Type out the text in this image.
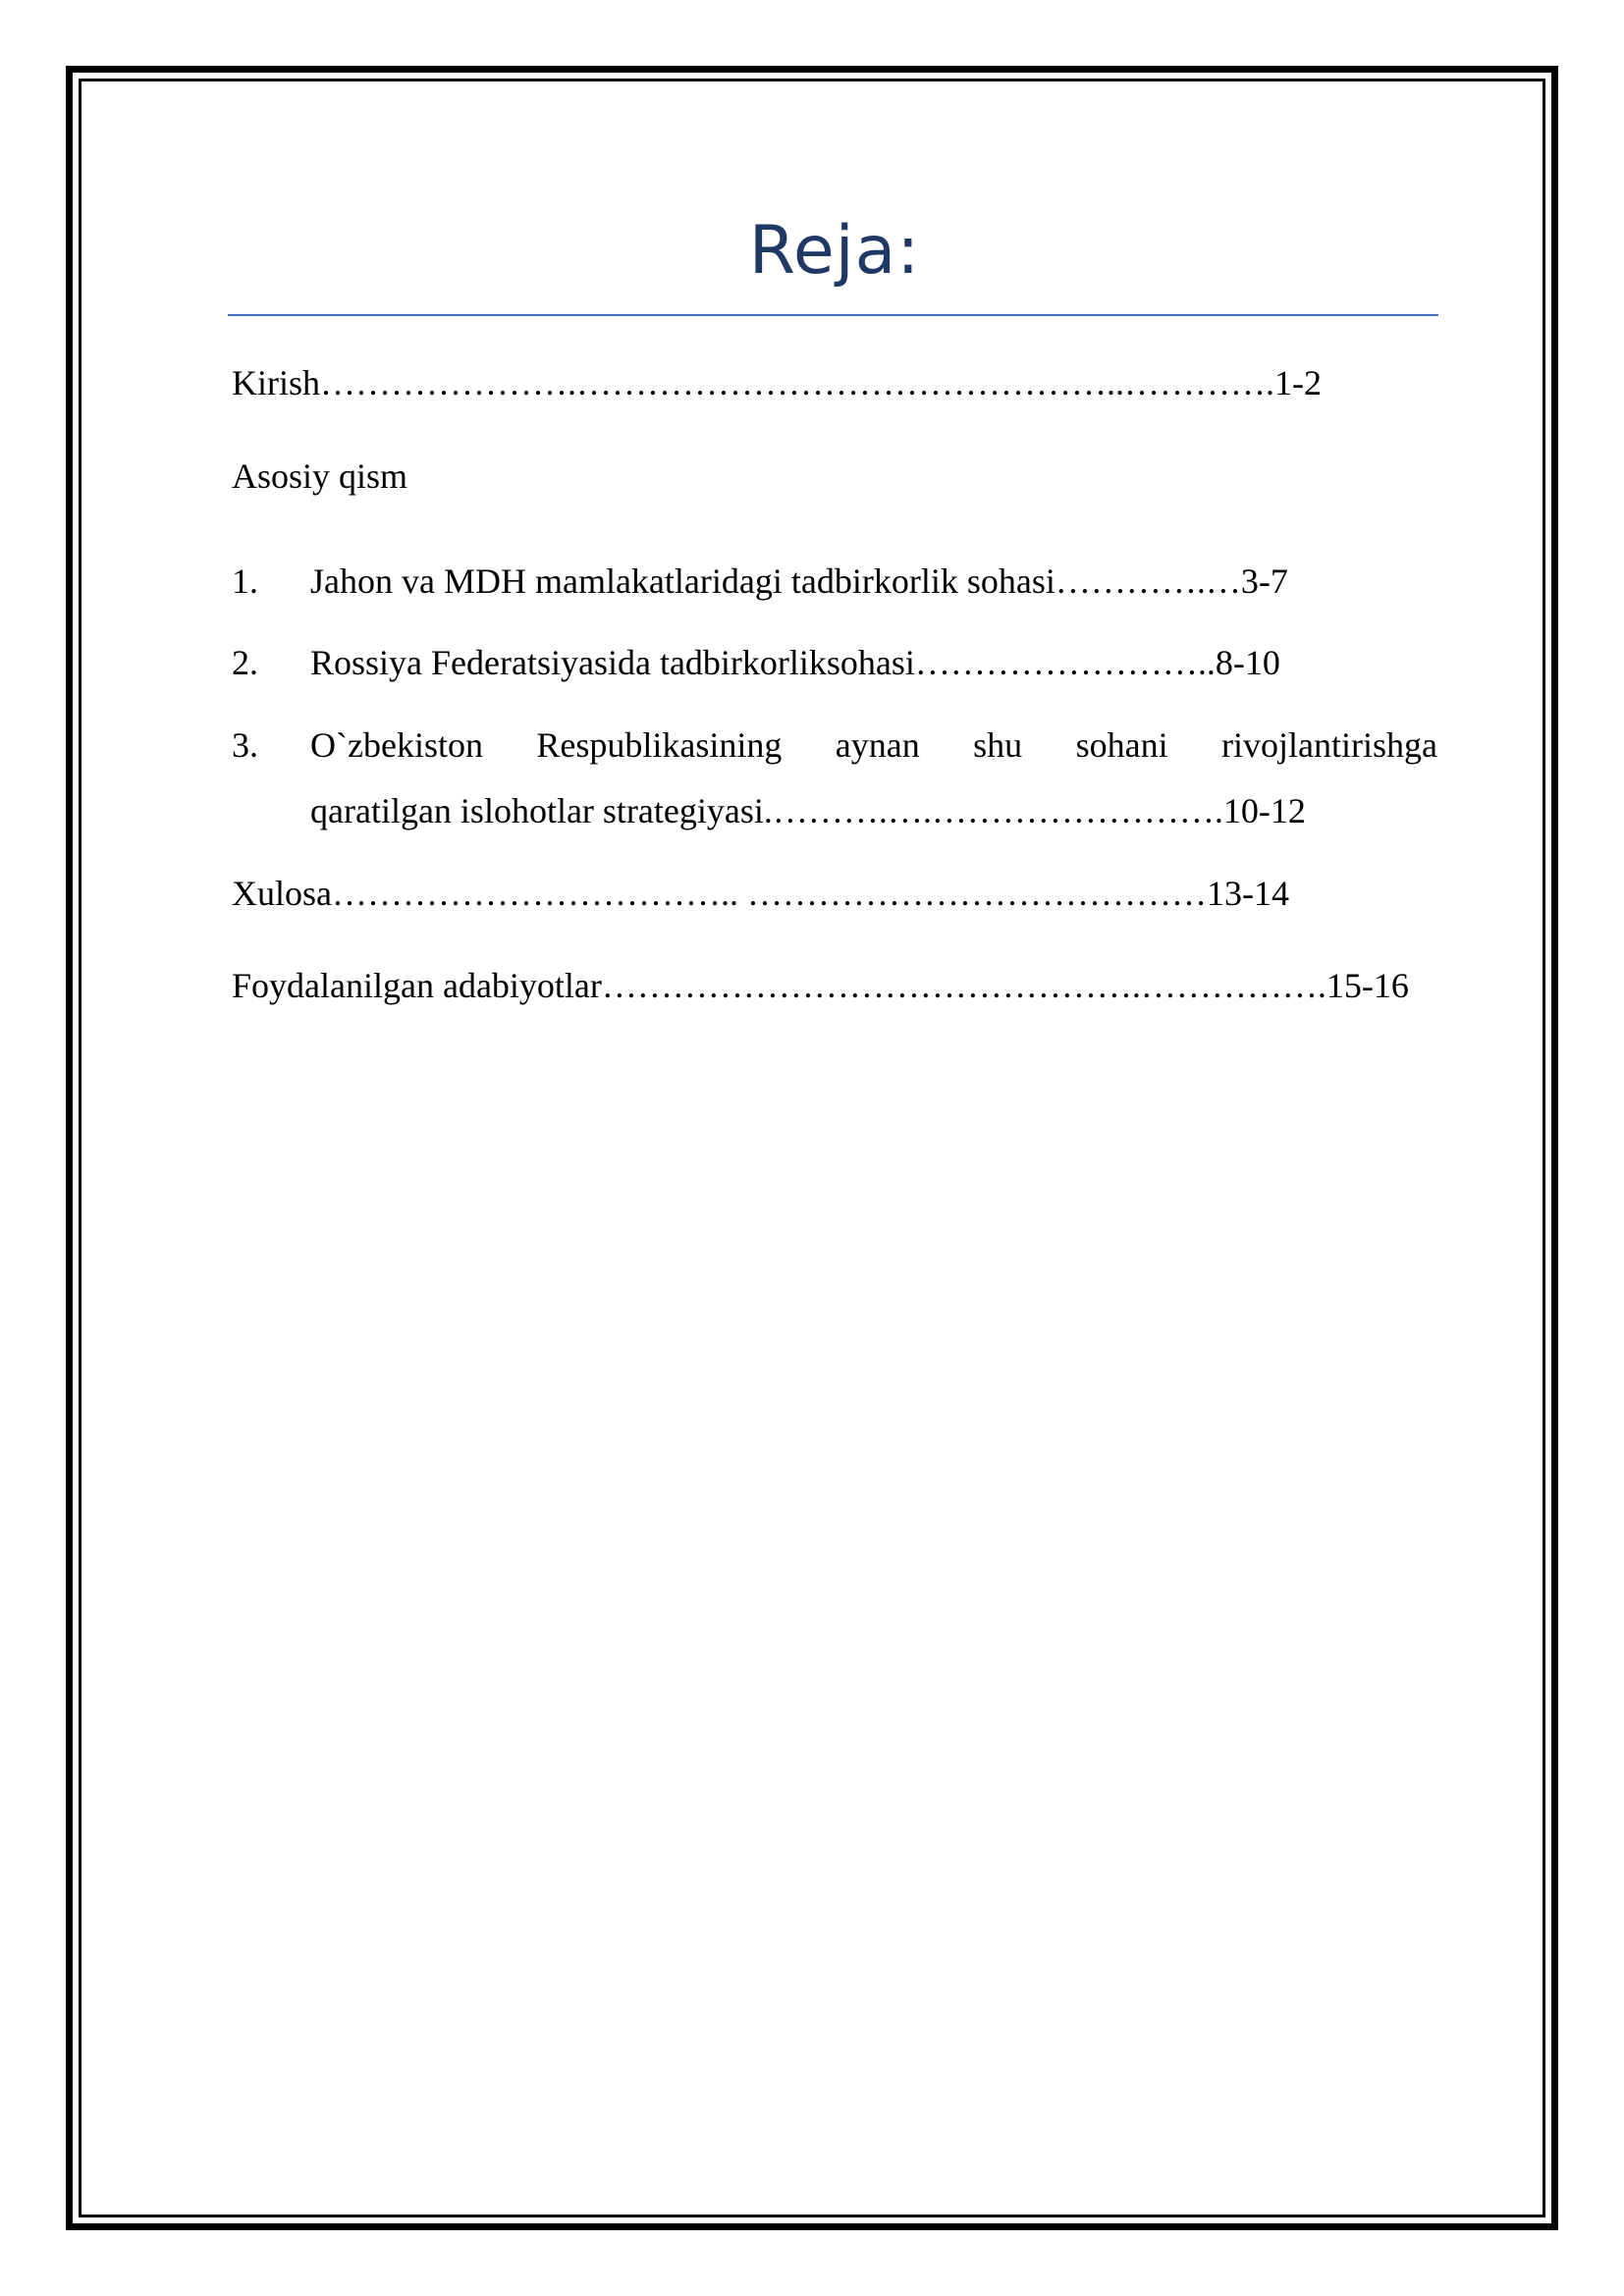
Reja:
Kirish………………….………………………………………..………….1-2
Asosiy qism
1. Jahon va MDH mamlakatlaridagi tadbirkorlik sohasi………….…3-7
2. Rossiya Federatsiyasida tadbirkorliksohasi……………………..8-10
3. O`zbekiston Respublikasining aynan shu sohani rivojlantirishga
qaratilgan islohotlar strategiyasi.……….….…………………….10-12
Xulosa…………………………….. …………………………………13-14
Foydalanilgan adabiyotlar……………………………………….…………….15-16
